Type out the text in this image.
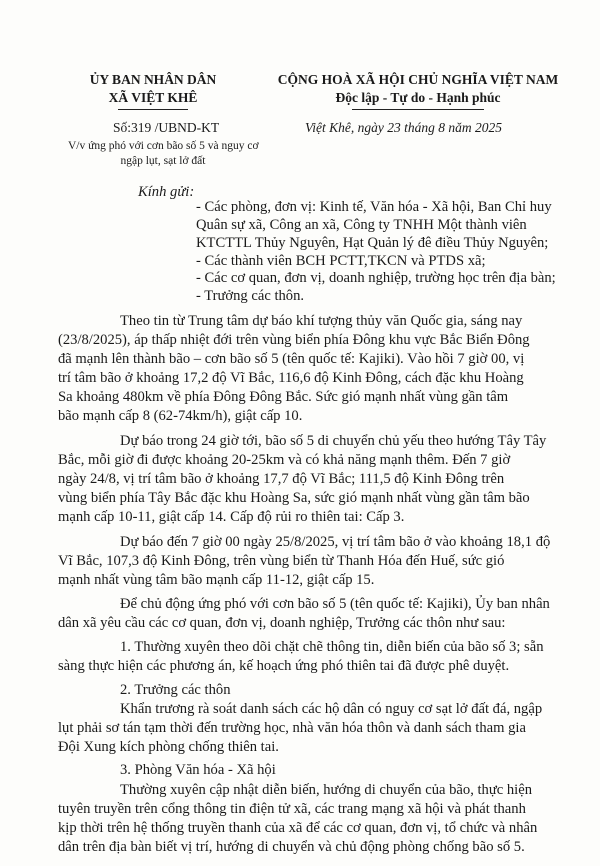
ỦY BAN NHÂN DÂN
XÃ VIỆT KHÊ
CỘNG HOÀ XÃ HỘI CHỦ NGHĨA VIỆT NAM
Độc lập - Tự do - Hạnh phúc
Số:319 /UBND-KT	Việt Khê, ngày 23 tháng 8 năm 2025
V/v ứng phó với cơn bão số 5 và nguy cơ
ngập lụt, sạt lở đất
Kính gửi:
- Các phòng, đơn vị: Kinh tế, Văn hóa - Xã hội, Ban Chỉ huy
Quân sự xã, Công an xã, Công ty TNHH Một thành viên
KTCTTL Thủy Nguyên, Hạt Quản lý đê điều Thủy Nguyên;
- Các thành viên BCH PCTT,TKCN và PTDS xã;
- Các cơ quan, đơn vị, doanh nghiệp, trường học trên địa bàn;
- Trưởng các thôn.
Theo tin từ Trung tâm dự báo khí tượng thủy văn Quốc gia, sáng nay
(23/8/2025), áp thấp nhiệt đới trên vùng biển phía Đông khu vực Bắc Biển Đông
đã mạnh lên thành bão – cơn bão số 5 (tên quốc tế: Kajiki). Vào hồi 7 giờ 00, vị
trí tâm bão ở khoảng 17,2 độ Vĩ Bắc, 116,6 độ Kinh Đông, cách đặc khu Hoàng
Sa khoảng 480km về phía Đông Đông Bắc. Sức gió mạnh nhất vùng gần tâm
bão mạnh cấp 8 (62-74km/h), giật cấp 10.
Dự báo trong 24 giờ tới, bão số 5 di chuyển chủ yếu theo hướng Tây Tây
Bắc, mỗi giờ đi được khoảng 20-25km và có khả năng mạnh thêm. Đến 7 giờ
ngày 24/8, vị trí tâm bão ở khoảng 17,7 độ Vĩ Bắc; 111,5 độ Kinh Đông trên
vùng biển phía Tây Bắc đặc khu Hoàng Sa, sức gió mạnh nhất vùng gần tâm bão
mạnh cấp 10-11, giật cấp 14. Cấp độ rủi ro thiên tai: Cấp 3.
Dự báo đến 7 giờ 00 ngày 25/8/2025, vị trí tâm bão ở vào khoảng 18,1 độ
Vĩ Bắc, 107,3 độ Kinh Đông, trên vùng biển từ Thanh Hóa đến Huế, sức gió
mạnh nhất vùng tâm bão mạnh cấp 11-12, giật cấp 15.
Để chủ động ứng phó với cơn bão số 5 (tên quốc tế: Kajiki), Ủy ban nhân
dân xã yêu cầu các cơ quan, đơn vị, doanh nghiệp, Trưởng các thôn như sau:
1. Thường xuyên theo dõi chặt chẽ thông tin, diễn biến của bão số 3; sẵn
sàng thực hiện các phương án, kế hoạch ứng phó thiên tai đã được phê duyệt.
2. Trưởng các thôn
Khẩn trương rà soát danh sách các hộ dân có nguy cơ sạt lở đất đá, ngập
lụt phải sơ tán tạm thời đến trường học, nhà văn hóa thôn và danh sách tham gia
Đội Xung kích phòng chống thiên tai.
3. Phòng Văn hóa - Xã hội
Thường xuyên cập nhật diễn biến, hướng di chuyển của bão, thực hiện
tuyên truyền trên cổng thông tin điện tử xã, các trang mạng xã hội và phát thanh
kịp thời trên hệ thống truyền thanh của xã để các cơ quan, đơn vị, tổ chức và nhân
dân trên địa bàn biết vị trí, hướng di chuyển và chủ động phòng chống bão số 5.
